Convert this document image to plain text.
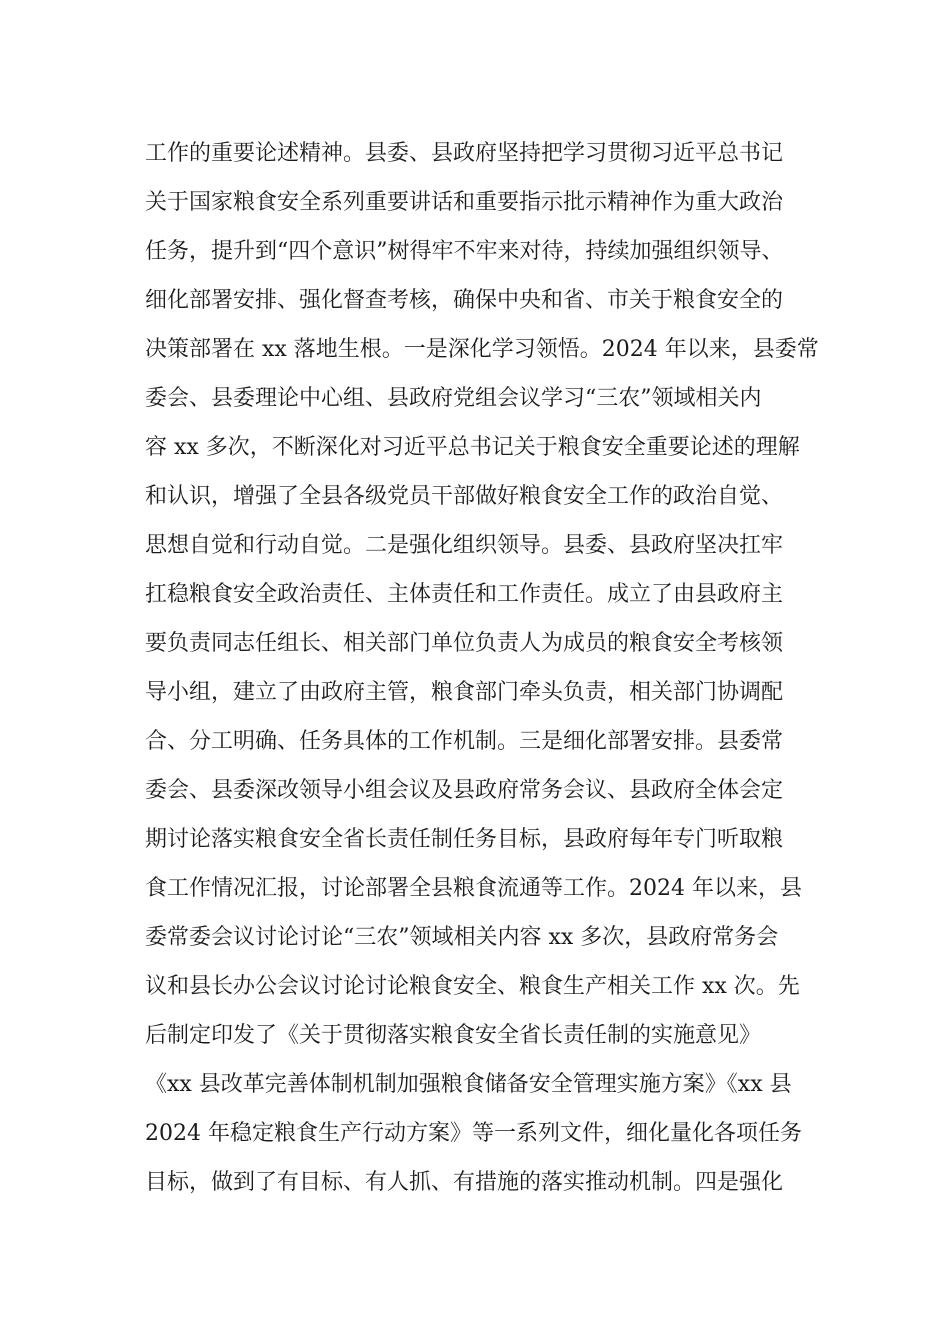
工作的重要论述精神。县委、县政府坚持把学习贯彻习近平总书记
关于国家粮食安全系列重要讲话和重要指示批示精神作为重大政治
任务，提升到“四个意识”树得牢不牢来对待，持续加强组织领导、
细化部署安排、强化督查考核，确保中央和省、市关于粮食安全的
决策部署在 xx 落地生根。一是深化学习领悟。2024 年以来，县委常
委会、县委理论中心组、县政府党组会议学习“三农”领域相关内
容 xx 多次，不断深化对习近平总书记关于粮食安全重要论述的理解
和认识，增强了全县各级党员干部做好粮食安全工作的政治自觉、
思想自觉和行动自觉。二是强化组织领导。县委、县政府坚决扛牢
扛稳粮食安全政治责任、主体责任和工作责任。成立了由县政府主
要负责同志任组长、相关部门单位负责人为成员的粮食安全考核领
导小组，建立了由政府主管，粮食部门牵头负责，相关部门协调配
合、分工明确、任务具体的工作机制。三是细化部署安排。县委常
委会、县委深改领导小组会议及县政府常务会议、县政府全体会定
期讨论落实粮食安全省长责任制任务目标，县政府每年专门听取粮
食工作情况汇报，讨论部署全县粮食流通等工作。2024 年以来，县
委常委会议讨论讨论“三农”领域相关内容 xx 多次，县政府常务会
议和县长办公会议讨论讨论粮食安全、粮食生产相关工作 xx 次。先
后制定印发了《关于贯彻落实粮食安全省长责任制的实施意见》
《xx 县改革完善体制机制加强粮食储备安全管理实施方案》《xx 县
2024 年稳定粮食生产行动方案》等一系列文件，细化量化各项任务
目标，做到了有目标、有人抓、有措施的落实推动机制。四是强化
